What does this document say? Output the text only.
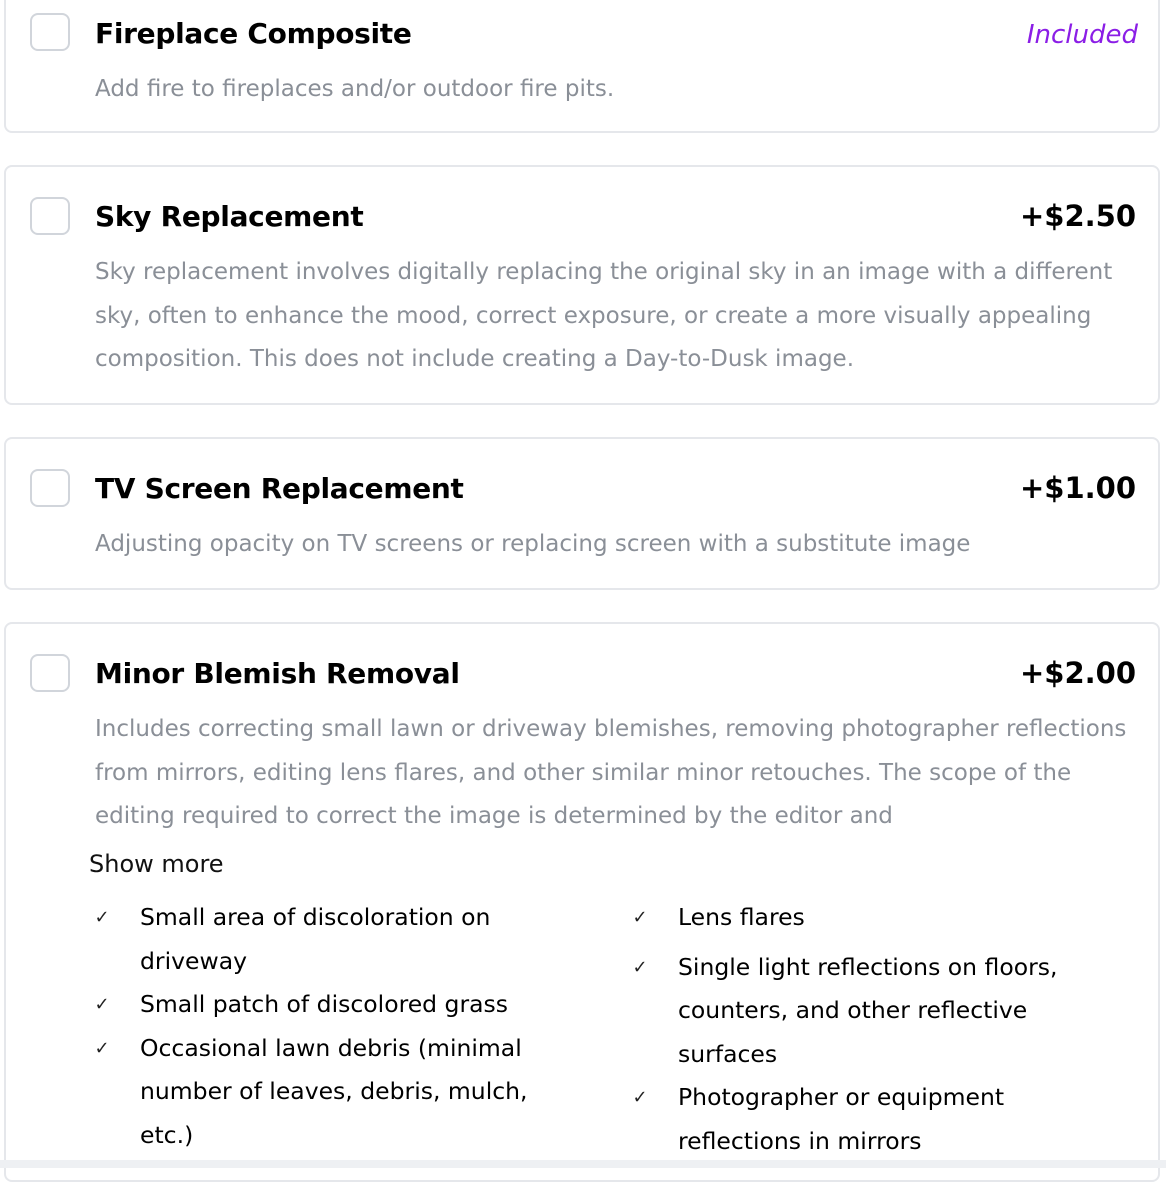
Fireplace Composite	Included

Add fire to fireplaces and/or outdoor fire pits.

Sky Replacement	+$2.50

Sky replacement involves digitally replacing the original sky in an image with a different sky, often to enhance the mood, correct exposure, or create a more visually appealing composition. This does not include creating a Day-to-Dusk image.

TV Screen Replacement	+$1.00

Adjusting opacity on TV screens or replacing screen with a substitute image

Minor Blemish Removal	+$2.00

Includes correcting small lawn or driveway blemishes, removing photographer reflections from mirrors, editing lens flares, and other similar minor retouches. The scope of the editing required to correct the image is determined by the editor and

Show more
✓ Small area of discoloration on driveway
✓ Small patch of discolored grass
✓ Occasional lawn debris (minimal number of leaves, debris, mulch, etc.)
✓ Lens flares
✓ Single light reflections on floors, counters, and other reflective surfaces
✓ Photographer or equipment reflections in mirrors
